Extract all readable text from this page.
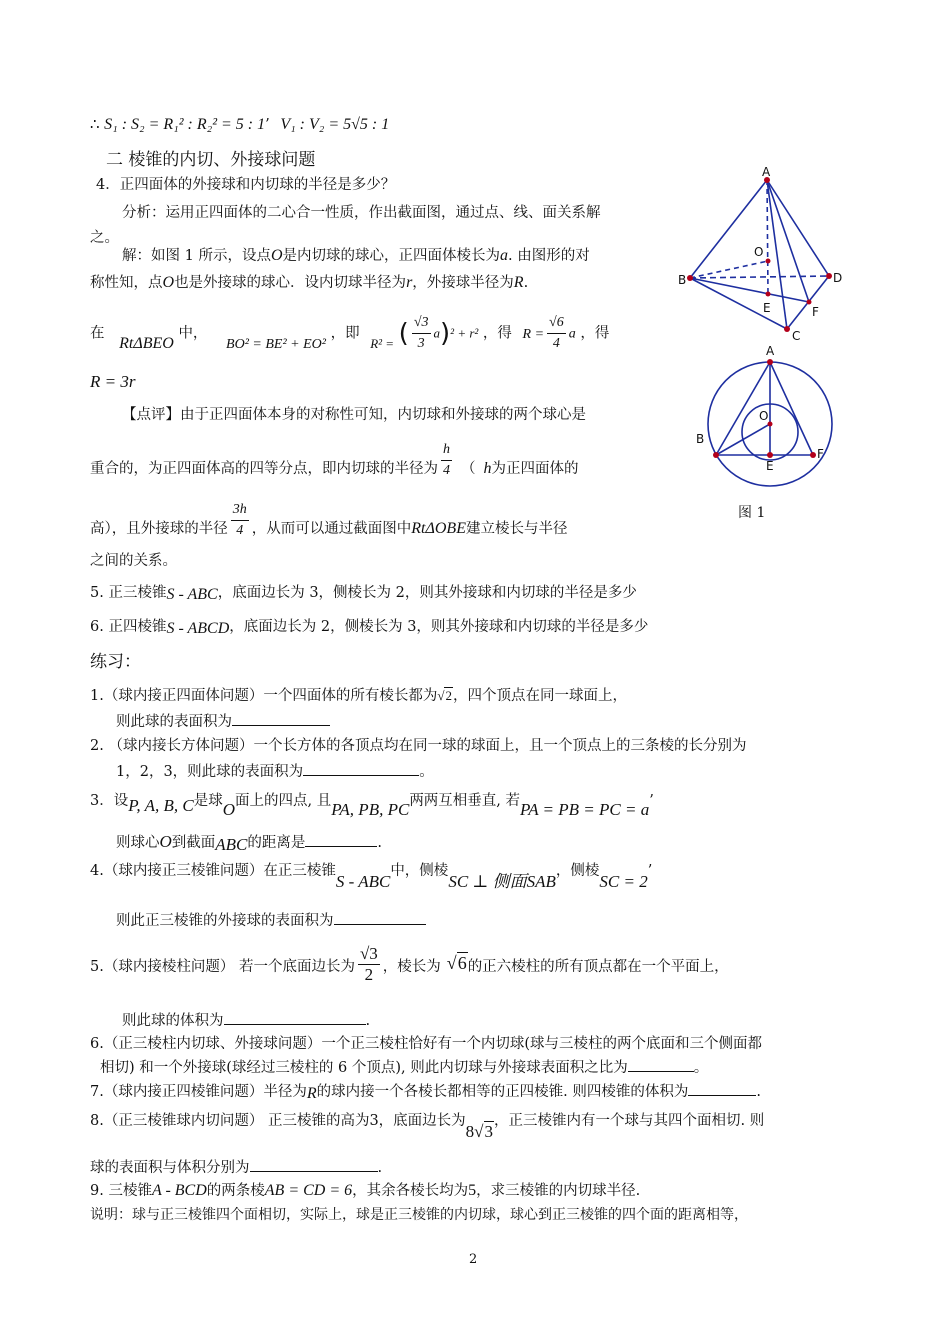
∴ S₁ : S₂ = R₁² : R₂² = 5 : 1’ V₁ : V₂ = 5√5 : 1
二 棱锥的内切、外接球问题
4．正四面体的外接球和内切球的半径是多少？
分析：运用正四面体的二心合一性质，作出截面图，通过点、线、面关系解
之。
解：如图 1 所示，设点O是内切球的球心，正四面体棱长为a. 由图形的对
称性知，点O也是外接球的球心．设内切球半径为r，外接球半径为R.
在 RtΔBEO 中， BO² = BE² + EO² ，即 R² = ( $\frac{√3}{3} a)^2 + r^2$ ，得 $R = \frac{√6}{4}$ a ，得
R = 3r
【点评】由于正四面体本身的对称性可知，内切球和外接球的两个球心是
重合的，为正四面体高的四等分点，即内切球的半径为 $\frac{h}{4}$ （ h为正四面体的
高），且外接球的半径 $\frac{3h}{4}$ ，从而可以通过截面图中RtΔOBE建立棱长与半径
之间的关系。
5. 正三棱锥S - ABC，底面边长为 3，侧棱长为 2，则其外接球和内切球的半径是多少
6. 正四棱锥S - ABCD，底面边长为 2，侧棱长为 3，则其外接球和内切球的半径是多少
练习：
1.（球内接正四面体问题）一个四面体的所有棱长都为√2，四个顶点在同一球面上，
则此球的表面积为
2. （球内接长方体问题）一个长方体的各顶点均在同一球的球面上，且一个顶点上的三条棱的长分别为
1，2，3，则此球的表面积为	。
3．设P, A, B, C是球O面上的四点, 且PA, PB, PC两两互相垂直, 若PA = PB = PC = a’
则球心O到截面ABC的距离是	.
4.（球内接正三棱锥问题）在正三棱锥S - ABC中，侧棱SC ⊥ 侧面SAB，侧棱SC = 2’
则此正三棱锥的外接球的表面积为
5.（球内接棱柱问题） 若一个底面边长为 $\frac{√3}{2}$ ，棱长为 √6的正六棱柱的所有顶点都在一个平面上，
则此球的体积为	.
6.（正三棱柱内切球、外接球问题）一个正三棱柱恰好有一个内切球(球与三棱柱的两个底面和三个侧面都
相切) 和一个外接球(球经过三棱柱的 6 个顶点), 则此内切球与外接球表面积之比为	。
7.（球内接正四棱锥问题）半径为R的球内接一个各棱长都相等的正四棱锥. 则四棱锥的体积为	.
8.（正三棱锥球内切问题） 正三棱锥的高为3，底面边长为8√3，正三棱锥内有一个球与其四个面相切. 则
球的表面积与体积分别为	.
9. 三棱锥A - BCD的两条棱AB = CD = 6，其余各棱长均为5，求三棱锥的内切球半径.
说明：球与正三棱锥四个面相切，实际上，球是正三棱锥的内切球，球心到正三棱锥的四个面的距离相等，
2
A
O
B	D
E	F
C
A
O
B
E
F
图 1
